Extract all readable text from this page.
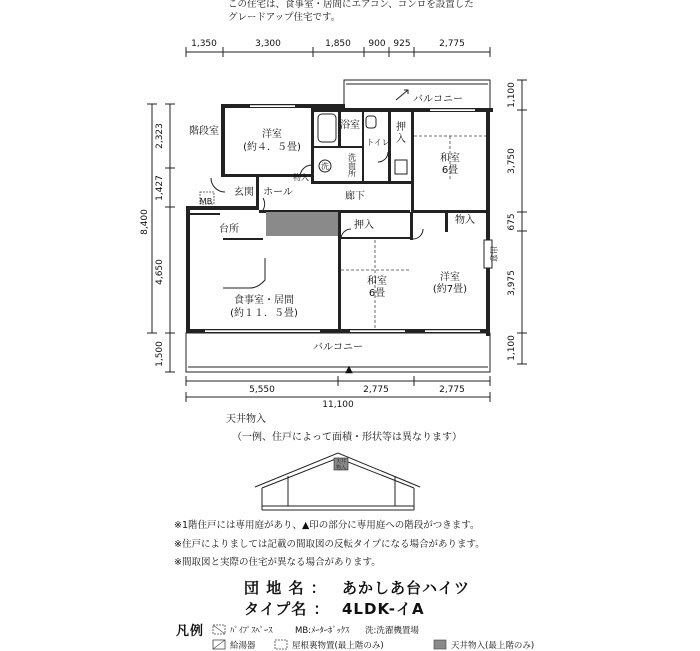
この住宅は、食事室・居間にエアコン、コンロを設置した
グレードアップ住宅です。
1,350	3,300	1,850 900 925	2,775
5,550	2,775	2,775
11,100
2,323
1,427
4,650
1,500
8,400
1,100
3,750
675
3,975
1,100
バルコニー
バルコニー
▲
洗
出窓
MB
階段室	洋室
(約４．５畳)
浴室
トイレ
洗
面
所
押
入
和室
6畳
物入
玄関 ホール	廊下
台所
食事室・居間
(約１１．５畳)
押入
和室
6畳
物入
洋室
(約7畳)
天井
物入
天井物入
（一例、住戸によって面積・形状等は異なります）
※1階住戸には専用庭があり、▲印の部分に専用庭への階段がつきます。
※住戸によりましては記載の間取図の反転タイプになる場合があります。
※間取図と実際の住宅が異なる場合があります。
団 地 名 ： あかしあ台ハイツ
タイプ名 ： 4LDK-イA
凡例	ﾊﾟｲﾌﾟｽﾍﾟｰｽ	MB:ﾒｰﾀｰﾎﾞｯｸｽ 洗:洗濯機置場
給湯器	屋根裏物置(最上階のみ)	天井物入(最上階のみ)
